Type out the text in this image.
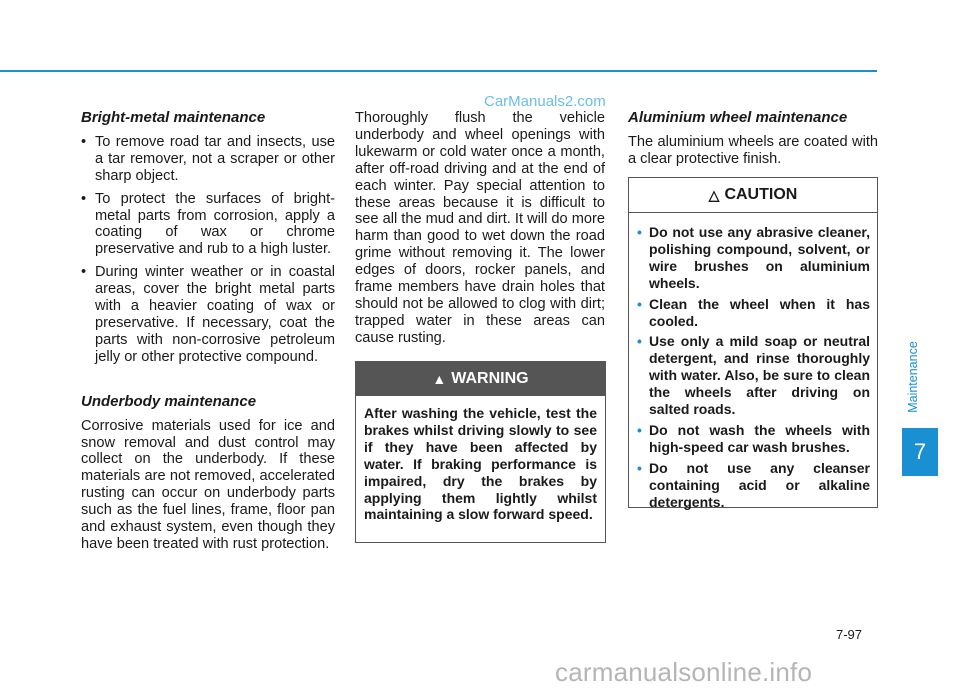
CarManuals2.com
Bright-metal maintenance
• To remove road tar and insects, use a tar remover, not a scraper or other sharp object.
• To protect the surfaces of bright-metal parts from corrosion, apply a coating of wax or chrome preservative and rub to a high luster.
• During winter weather or in coastal areas, cover the bright metal parts with a heavier coating of wax or preservative. If necessary, coat the parts with non-corrosive petroleum jelly or other protective compound.
Underbody maintenance

Corrosive materials used for ice and snow removal and dust control may collect on the underbody. If these materials are not removed, accelerated rusting can occur on underbody parts such as the fuel lines, frame, floor pan and exhaust system, even though they have been treated with rust protection.

Thoroughly flush the vehicle underbody and wheel openings with lukewarm or cold water once a month, after off-road driving and at the end of each winter. Pay special attention to these areas because it is difficult to see all the mud and dirt. It will do more harm than good to wet down the road grime without removing it. The lower edges of doors, rocker panels, and frame members have drain holes that should not be allowed to clog with dirt; trapped water in these areas can cause rusting.

▲ WARNING
After washing the vehicle, test the brakes whilst driving slowly to see if they have been affected by water. If braking performance is impaired, dry the brakes by applying them lightly whilst maintaining a slow forward speed.
Aluminium wheel maintenance

The aluminium wheels are coated with a clear protective finish.

△ CAUTION
• Do not use any abrasive cleaner, polishing compound, solvent, or wire brushes on aluminium wheels.
• Clean the wheel when it has cooled.
• Use only a mild soap or neutral detergent, and rinse thoroughly with water. Also, be sure to clean the wheels after driving on salted roads.
• Do not wash the wheels with high-speed car wash brushes.
• Do not use any cleanser containing acid or alkaline detergents.
Maintenance
7
7-97
carmanualsonline.info
